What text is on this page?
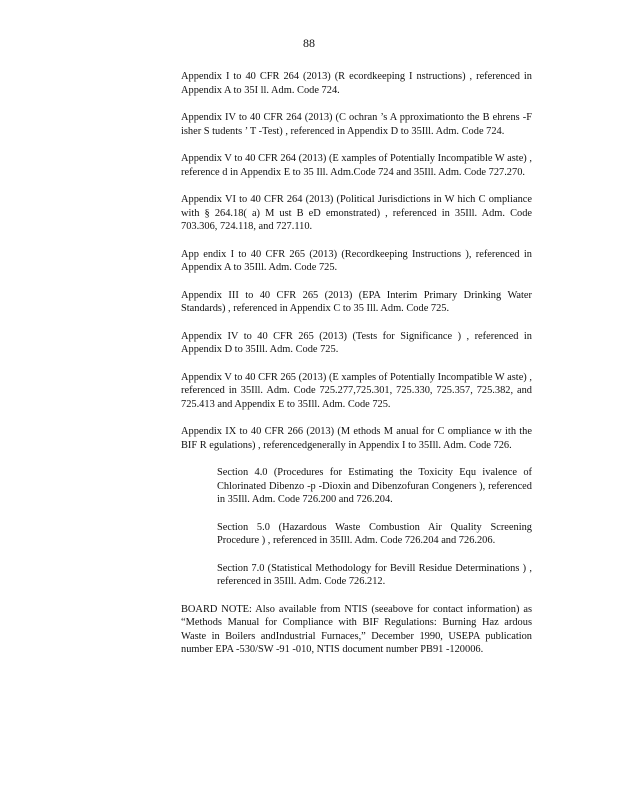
88

Appendix I to 40 CFR 264 (2013) (R ecordkeeping I nstructions) , referenced in Appendix A to 35I ll. Adm. Code 724.

Appendix IV to 40 CFR 264 (2013) (C ochran ’s A pproximationto the B ehrens -F isher S tudents ’ T -Test) , referenced in Appendix D to 35Ill. Adm. Code 724.

Appendix V to 40 CFR 264 (2013) (E xamples of Potentially Incompatible W aste) , reference d in Appendix E to 35 Ill. Adm.Code 724 and 35Ill. Adm. Code 727.270.

Appendix VI to 40 CFR 264 (2013) (Political Jurisdictions in W hich C ompliance with § 264.18( a) M ust B eD emonstrated) , referenced in 35Ill. Adm. Code 703.306, 724.118, and 727.110.

App endix I to 40 CFR 265 (2013) (Recordkeeping Instructions ), referenced in Appendix A to 35Ill. Adm. Code 725.

Appendix III to 40 CFR 265 (2013) (EPA Interim Primary Drinking Water Standards) , referenced in Appendix C to 35 Ill. Adm. Code 725.

Appendix IV to 40 CFR 265 (2013) (Tests for Significance ) , referenced in Appendix D to 35Ill. Adm. Code 725.

Appendix V to 40 CFR 265 (2013) (E xamples of Potentially Incompatible W aste) , referenced in 35Ill. Adm. Code 725.277,725.301, 725.330, 725.357, 725.382, and 725.413 and Appendix E to 35Ill. Adm. Code 725.

Appendix IX to 40 CFR 266 (2013) (M ethods M anual for C ompliance w ith the BIF R egulations) , referencedgenerally in Appendix I to 35Ill. Adm. Code 726.

Section 4.0 (Procedures for Estimating the Toxicity Equ ivalence of Chlorinated Dibenzo -p -Dioxin and Dibenzofuran Congeners ), referenced in 35Ill. Adm. Code 726.200 and 726.204.

Section 5.0 (Hazardous Waste Combustion Air Quality Screening Procedure ) , referenced in 35Ill. Adm. Code 726.204 and 726.206.

Section 7.0 (Statistical Methodology for Bevill Residue Determinations ) , referenced in 35Ill. Adm. Code 726.212.

BOARD NOTE: Also available from NTIS (seeabove for contact information) as “Methods Manual for Compliance with BIF Regulations: Burning Haz ardous Waste in Boilers andIndustrial Furnaces,” December 1990, USEPA publication number EPA -530/SW -91 -010, NTIS document number PB91 -120006.
